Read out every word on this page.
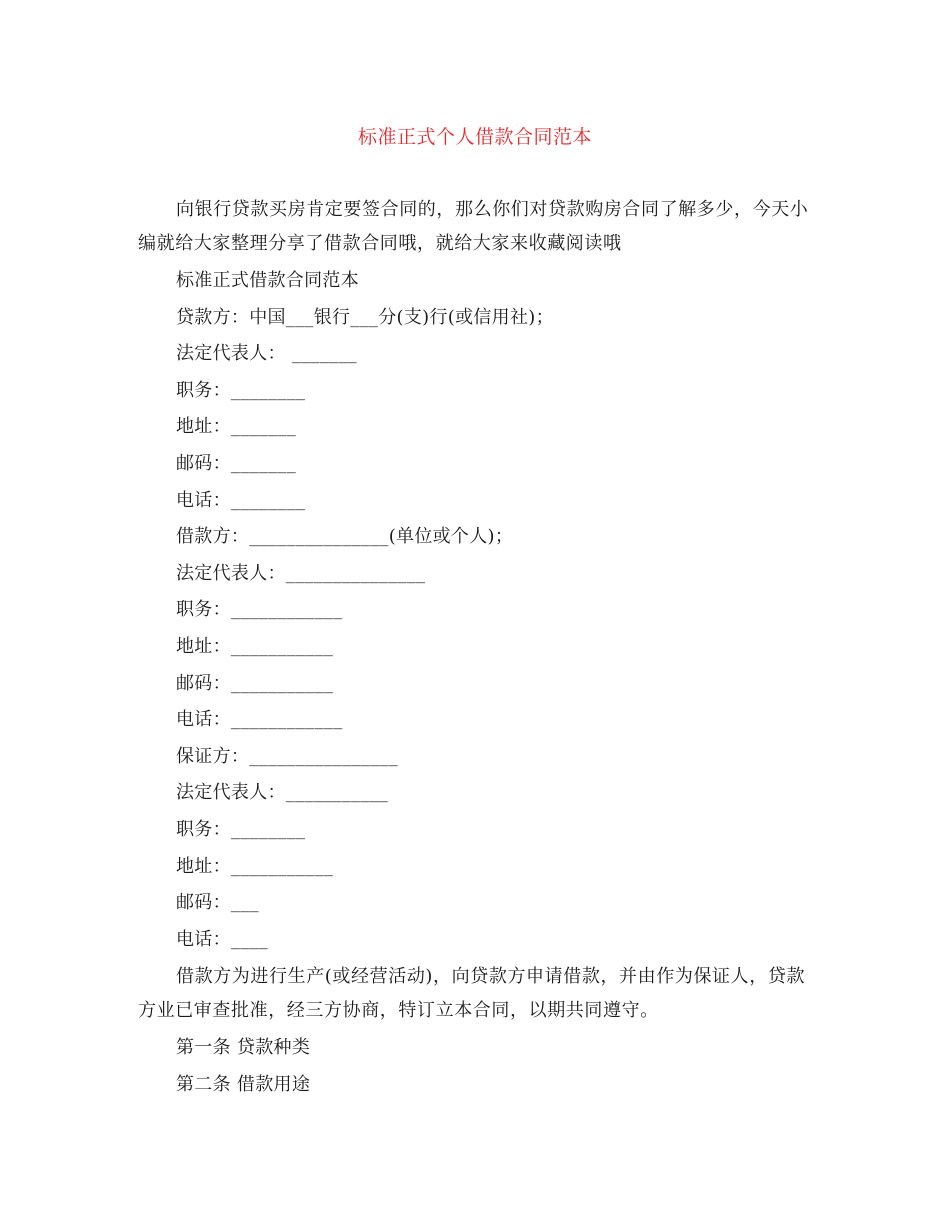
标准正式个人借款合同范本

向银行贷款买房肯定要签合同的，那么你们对贷款购房合同了解多少，今天小编就给大家整理分享了借款合同哦，就给大家来收藏阅读哦

标准正式借款合同范本
贷款方：中国___银行___分(支)行(或信用社)；
法定代表人： _______
职务：________
地址：_______
邮码：_______
电话：________
借款方：_______________(单位或个人)；
法定代表人：_______________
职务：____________
地址：___________
邮码：___________
电话：____________
保证方：________________
法定代表人：___________
职务：________
地址：___________
邮码：___
电话：____

借款方为进行生产(或经营活动)，向贷款方申请借款，并由作为保证人，贷款方业已审查批准，经三方协商，特订立本合同，以期共同遵守。

第一条 贷款种类
第二条 借款用途
